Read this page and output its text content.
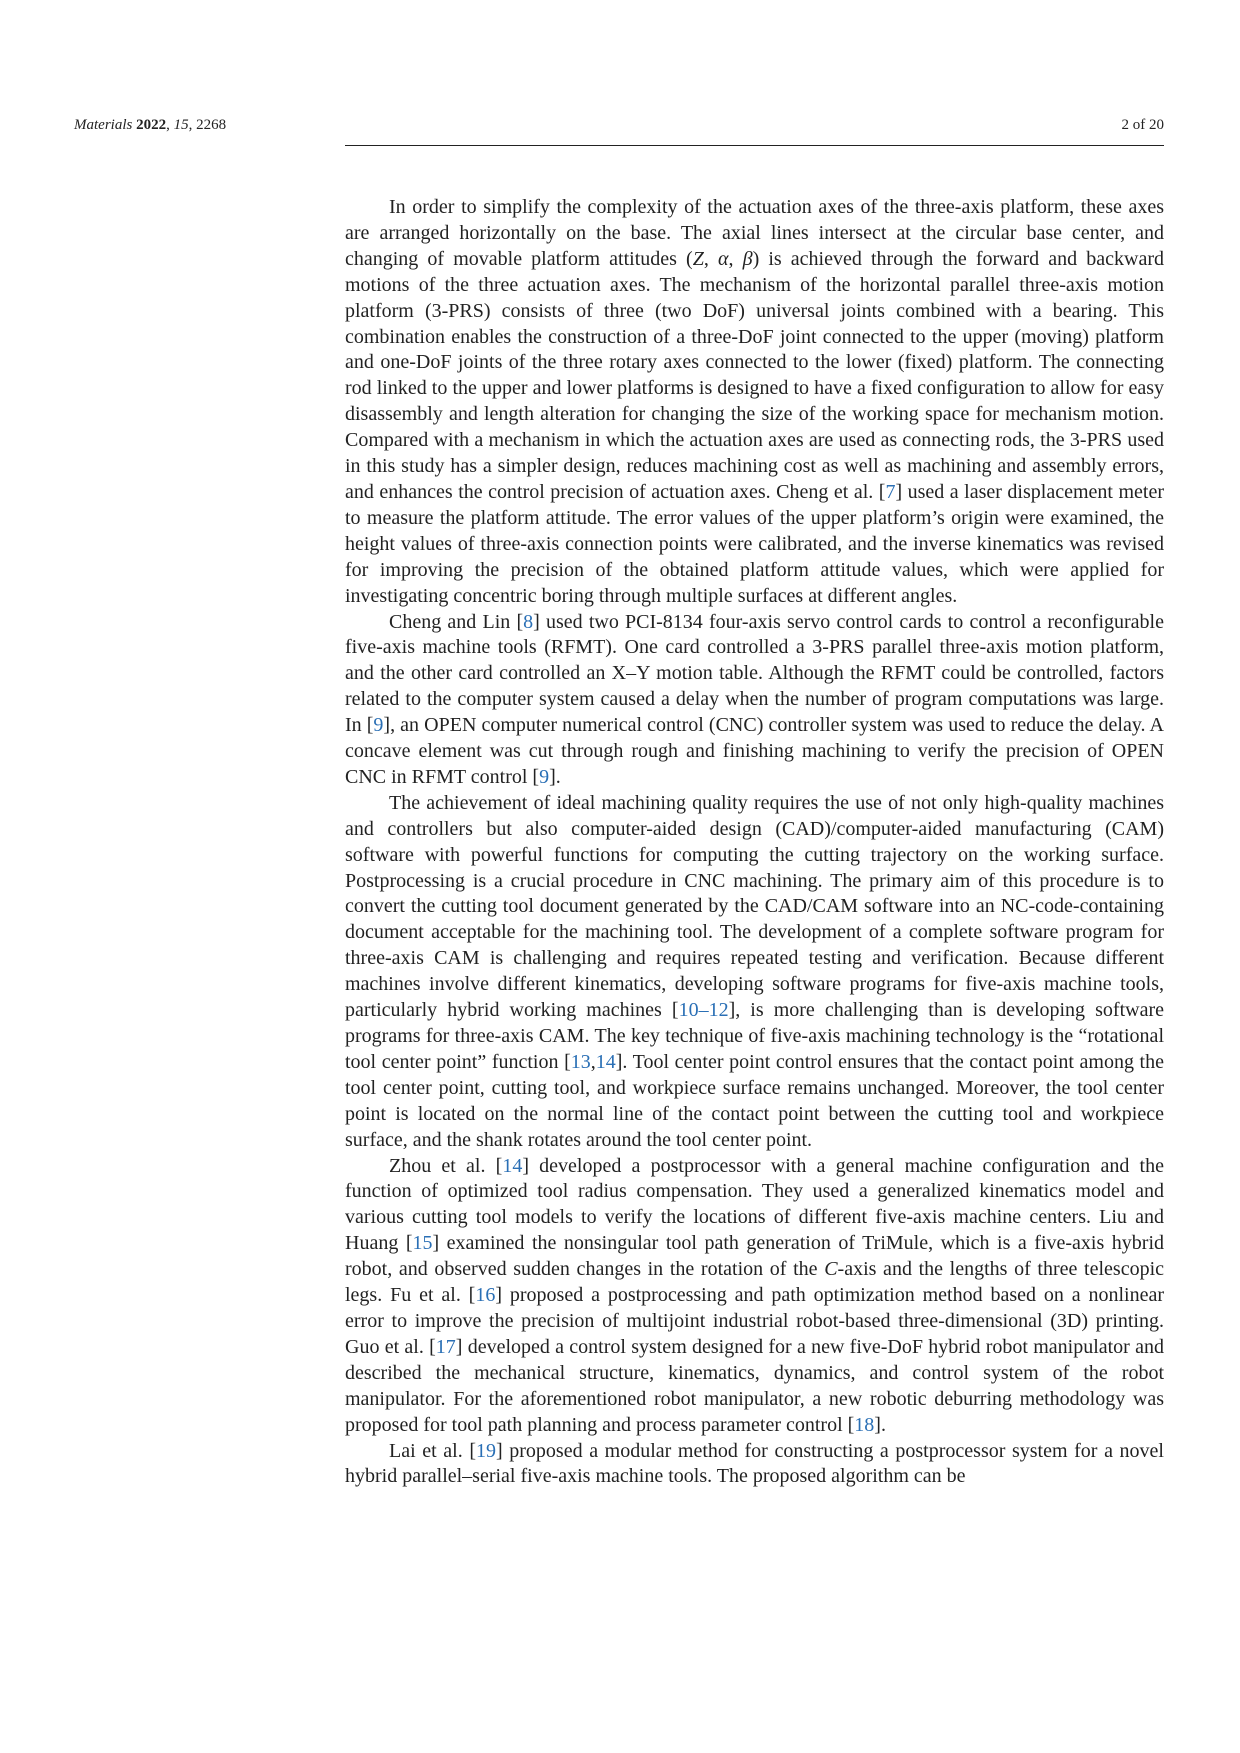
Materials 2022, 15, 2268	2 of 20

In order to simplify the complexity of the actuation axes of the three-axis platform, these axes are arranged horizontally on the base. The axial lines intersect at the circular base center, and changing of movable platform attitudes (Z, α, β) is achieved through the forward and backward motions of the three actuation axes. The mechanism of the horizontal parallel three-axis motion platform (3-PRS) consists of three (two DoF) universal joints combined with a bearing. This combination enables the construction of a three-DoF joint connected to the upper (moving) platform and one-DoF joints of the three rotary axes connected to the lower (fixed) platform. The connecting rod linked to the upper and lower platforms is designed to have a fixed configuration to allow for easy disassembly and length alteration for changing the size of the working space for mechanism motion. Compared with a mechanism in which the actuation axes are used as connecting rods, the 3-PRS used in this study has a simpler design, reduces machining cost as well as machining and assembly errors, and enhances the control precision of actuation axes. Cheng et al. [7] used a laser displacement meter to measure the platform attitude. The error values of the upper platform’s origin were examined, the height values of three-axis connection points were calibrated, and the inverse kinematics was revised for improving the precision of the obtained platform attitude values, which were applied for investigating concentric boring through multiple surfaces at different angles.

Cheng and Lin [8] used two PCI-8134 four-axis servo control cards to control a reconfigurable five-axis machine tools (RFMT). One card controlled a 3-PRS parallel three-axis motion platform, and the other card controlled an X–Y motion table. Although the RFMT could be controlled, factors related to the computer system caused a delay when the number of program computations was large. In [9], an OPEN computer numerical control (CNC) controller system was used to reduce the delay. A concave element was cut through rough and finishing machining to verify the precision of OPEN CNC in RFMT control [9].

The achievement of ideal machining quality requires the use of not only high-quality machines and controllers but also computer-aided design (CAD)/computer-aided manufacturing (CAM) software with powerful functions for computing the cutting trajectory on the working surface. Postprocessing is a crucial procedure in CNC machining. The primary aim of this procedure is to convert the cutting tool document generated by the CAD/CAM software into an NC-code-containing document acceptable for the machining tool. The development of a complete software program for three-axis CAM is challenging and requires repeated testing and verification. Because different machines involve different kinematics, developing software programs for five-axis machine tools, particularly hybrid working machines [10–12], is more challenging than is developing software programs for three-axis CAM. The key technique of five-axis machining technology is the “rotational tool center point” function [13,14]. Tool center point control ensures that the contact point among the tool center point, cutting tool, and workpiece surface remains unchanged. Moreover, the tool center point is located on the normal line of the contact point between the cutting tool and workpiece surface, and the shank rotates around the tool center point.

Zhou et al. [14] developed a postprocessor with a general machine configuration and the function of optimized tool radius compensation. They used a generalized kinematics model and various cutting tool models to verify the locations of different five-axis machine centers. Liu and Huang [15] examined the nonsingular tool path generation of TriMule, which is a five-axis hybrid robot, and observed sudden changes in the rotation of the C-axis and the lengths of three telescopic legs. Fu et al. [16] proposed a postprocessing and path optimization method based on a nonlinear error to improve the precision of multijoint industrial robot-based three-dimensional (3D) printing. Guo et al. [17] developed a control system designed for a new five-DoF hybrid robot manipulator and described the mechanical structure, kinematics, dynamics, and control system of the robot manipulator. For the aforementioned robot manipulator, a new robotic deburring methodology was proposed for tool path planning and process parameter control [18].

Lai et al. [19] proposed a modular method for constructing a postprocessor system for a novel hybrid parallel–serial five-axis machine tools. The proposed algorithm can be
